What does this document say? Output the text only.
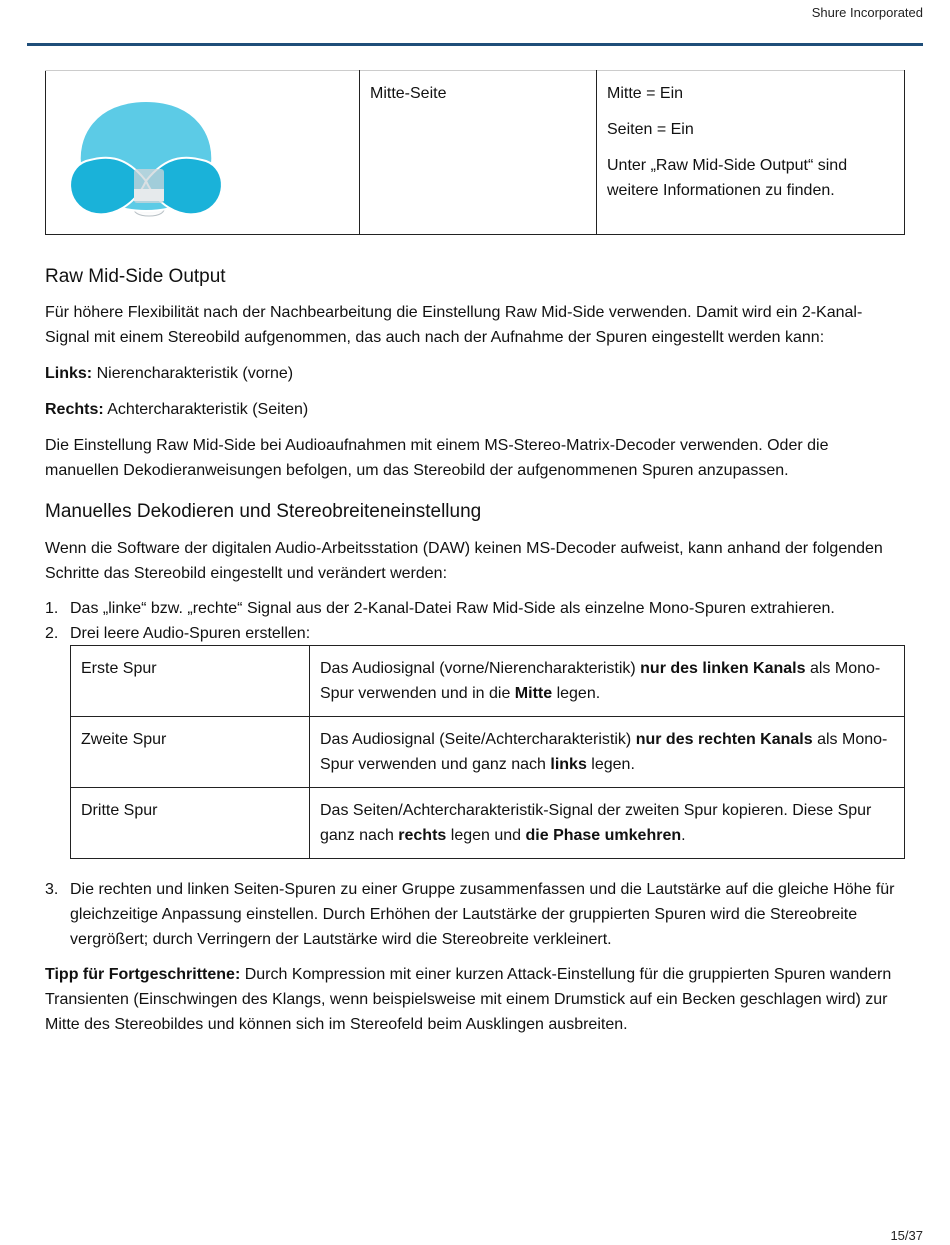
Shure Incorporated
	Mitte-Seite	Mitte = Ein

Seiten = Ein

Unter „Raw Mid-Side Output“ sind weitere Informationen zu finden.

Raw Mid-Side Output

Für höhere Flexibilität nach der Nachbearbeitung die Einstellung Raw Mid-Side verwenden. Damit wird ein 2-Kanal-Signal mit einem Stereobild aufgenommen, das auch nach der Aufnahme der Spuren eingestellt werden kann:

Links: Nierencharakteristik (vorne)

Rechts: Achtercharakteristik (Seiten)

Die Einstellung Raw Mid-Side bei Audioaufnahmen mit einem MS-Stereo-Matrix-Decoder verwenden. Oder die manuellen Dekodieranweisungen befolgen, um das Stereobild der aufgenommenen Spuren anzupassen.

Manuelles Dekodieren und Stereobreiteneinstellung

Wenn die Software der digitalen Audio-Arbeitsstation (DAW) keinen MS-Decoder aufweist, kann anhand der folgenden Schritte das Stereobild eingestellt und verändert werden:

1. Das „linke“ bzw. „rechte“ Signal aus der 2-Kanal-Datei Raw Mid-Side als einzelne Mono-Spuren extrahieren.
2. Drei leere Audio-Spuren erstellen:
Erste Spur	Das Audiosignal (vorne/Nierencharakteristik) nur des linken Kanals als Mono-Spur verwenden und in die Mitte legen.
Zweite Spur	Das Audiosignal (Seite/Achtercharakteristik) nur des rechten Kanals als Mono-Spur verwenden und ganz nach links legen.
Dritte Spur	Das Seiten/Achtercharakteristik-Signal der zweiten Spur kopieren. Diese Spur ganz nach rechts legen und die Phase umkehren.
3. Die rechten und linken Seiten-Spuren zu einer Gruppe zusammenfassen und die Lautstärke auf die gleiche Höhe für gleichzeitige Anpassung einstellen. Durch Erhöhen der Lautstärke der gruppierten Spuren wird die Stereobreite vergrößert; durch Verringern der Lautstärke wird die Stereobreite verkleinert.

Tipp für Fortgeschrittene: Durch Kompression mit einer kurzen Attack-Einstellung für die gruppierten Spuren wandern Transienten (Einschwingen des Klangs, wenn beispielsweise mit einem Drumstick auf ein Becken geschlagen wird) zur Mitte des Stereobildes und können sich im Stereofeld beim Ausklingen ausbreiten.

15/37
